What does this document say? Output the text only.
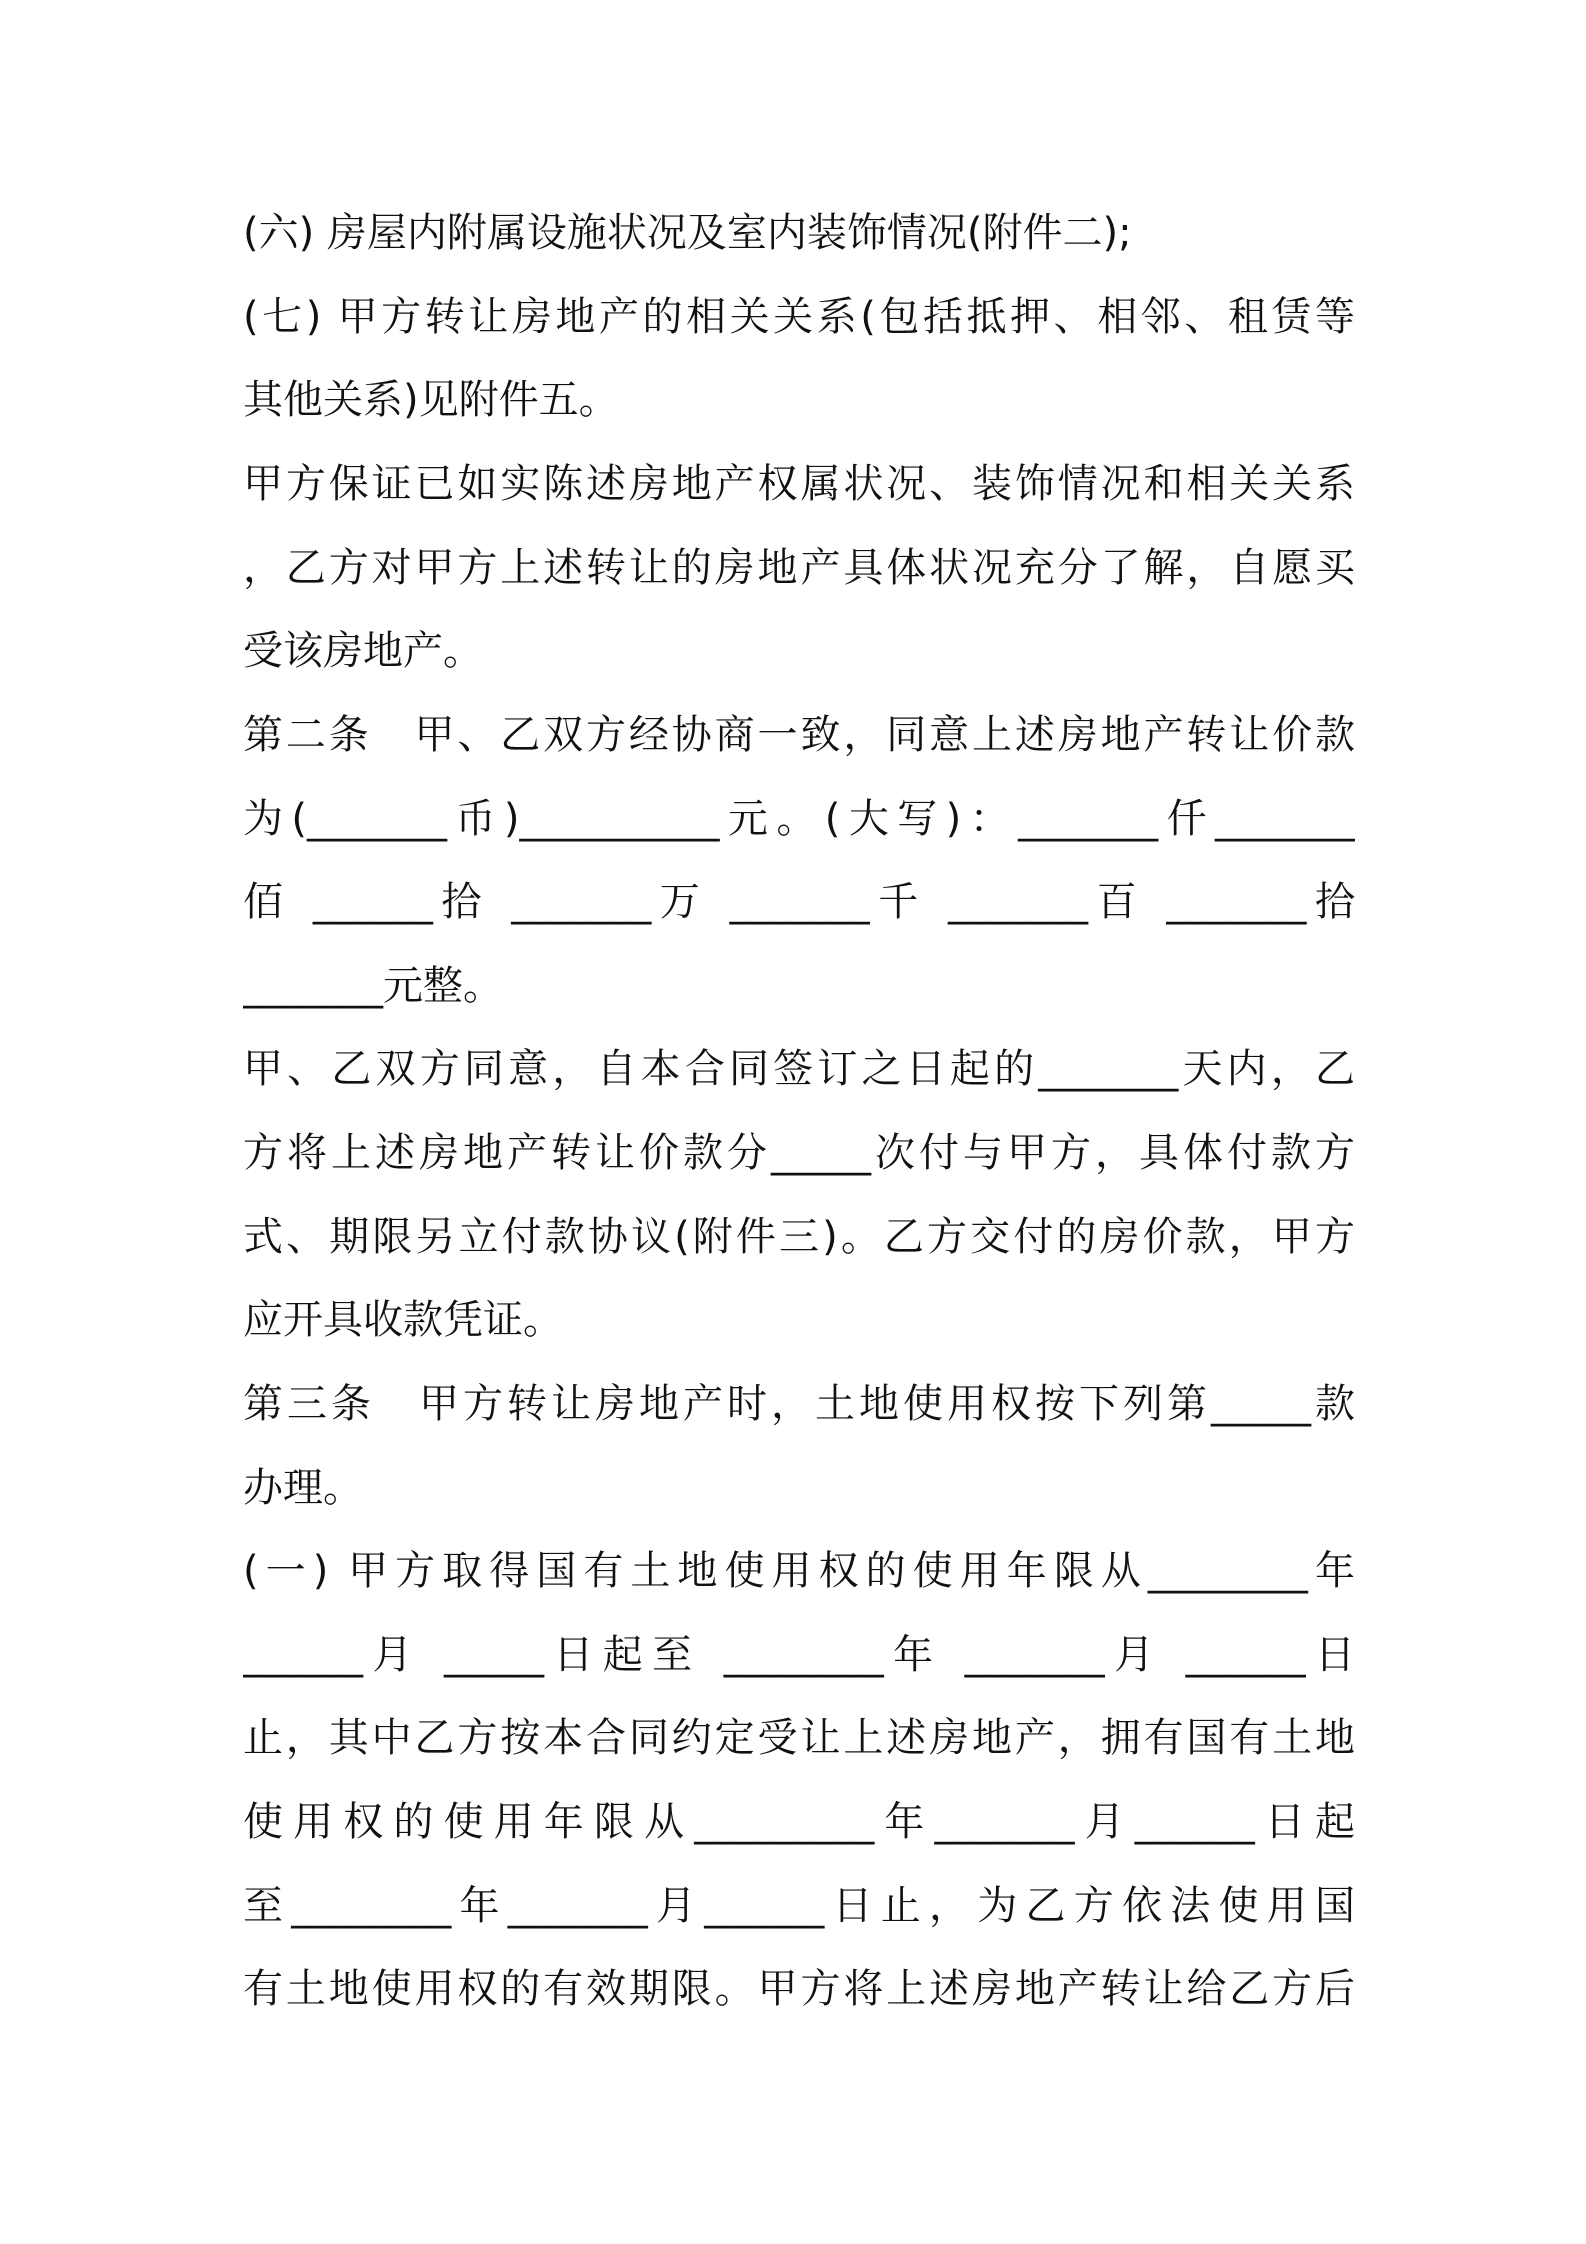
(六) 房屋内附属设施状况及室内装饰情况(附件二);
(七) 甲方转让房地产的相关关系(包括抵押、相邻、租赁等
其他关系)见附件五。
甲方保证已如实陈述房地产权属状况、装饰情况和相关关系
，乙方对甲方上述转让的房地产具体状况充分了解，自愿买
受该房地产。
第二条　甲、乙双方经协商一致，同意上述房地产转让价款
为(_______币)__________元。(大写)：_______仟_______
佰 ______拾 _______万 _______千 _______百 _______拾
_______元整。
甲、乙双方同意，自本合同签订之日起的_______天内，乙
方将上述房地产转让价款分_____次付与甲方，具体付款方
式、期限另立付款协议(附件三)。乙方交付的房价款，甲方
应开具收款凭证。
第三条　甲方转让房地产时，土地使用权按下列第_____款
办理。
(一) 甲方取得国有土地使用权的使用年限从________年
______月 _____日起至 ________年 _______月 ______日
止，其中乙方按本合同约定受让上述房地产，拥有国有土地
使用权的使用年限从_________年_______月______日起
至________年_______月______日止，为乙方依法使用国
有土地使用权的有效期限。甲方将上述房地产转让给乙方后
